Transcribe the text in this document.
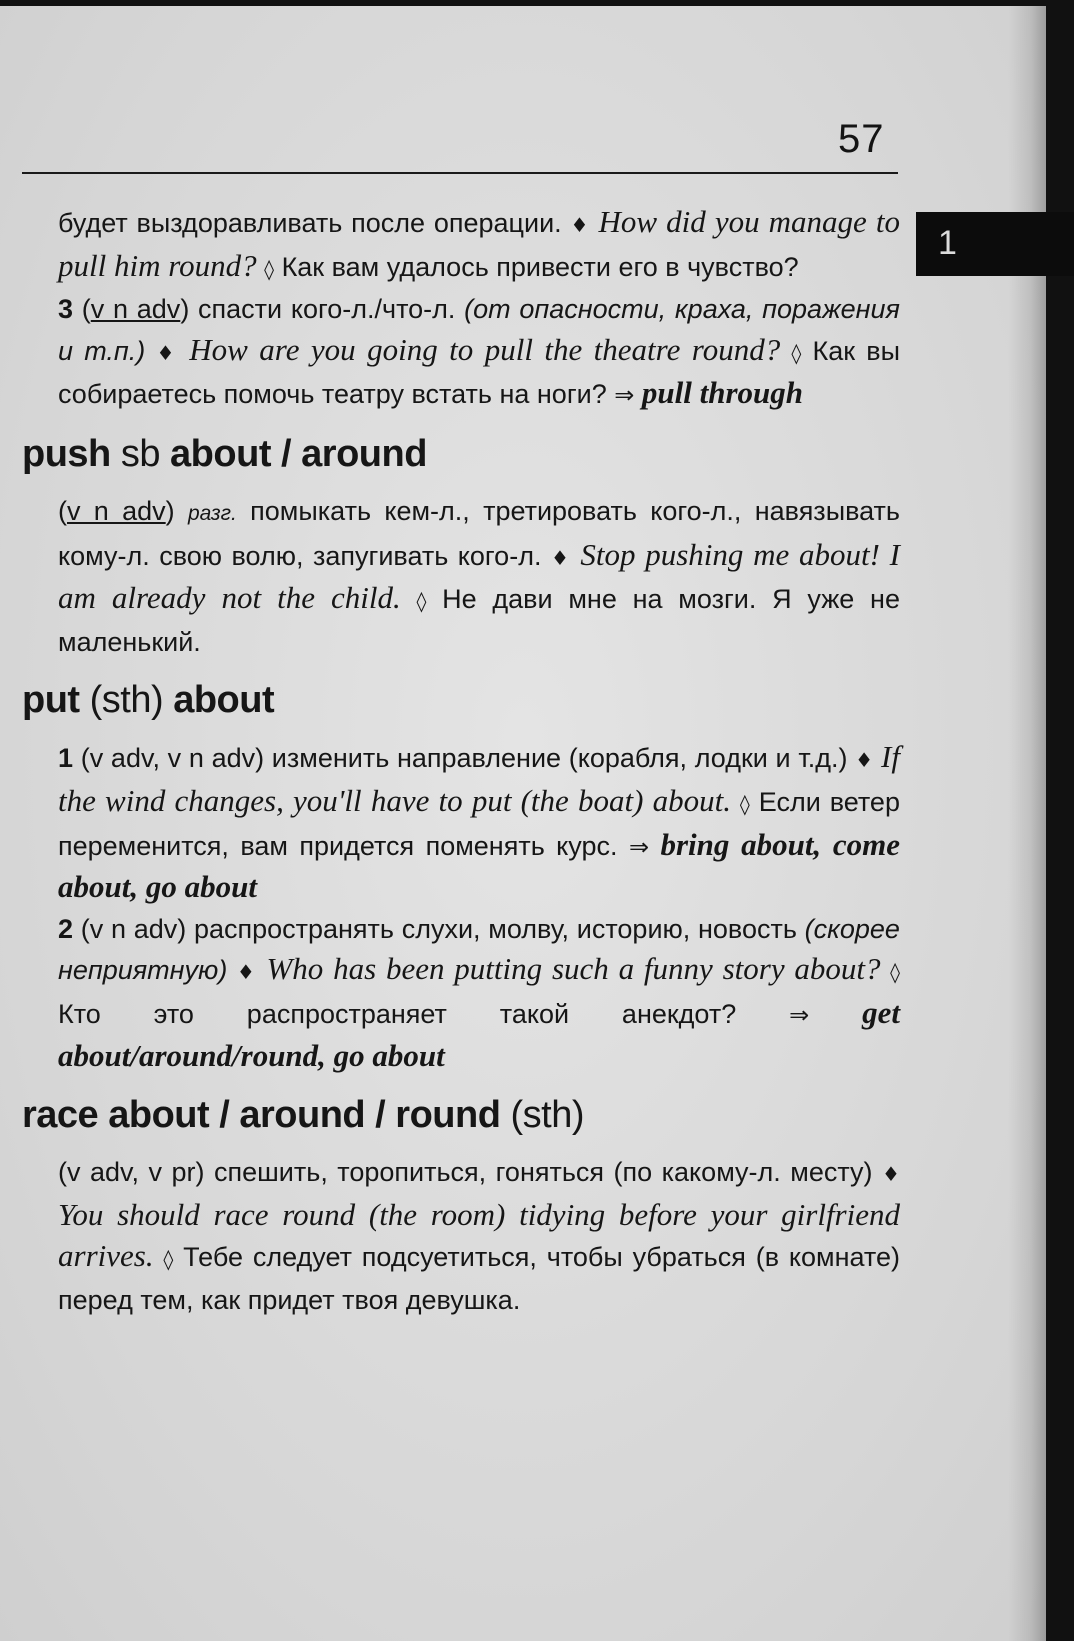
57
1

будет выздоравливать после операции. ♦ How did you manage to pull him round? ◊ Как вам удалось привести его в чувство?

3 (v n adv) спасти кого-л./что-л. (от опасности, краха, поражения и т.п.) ♦ How are you going to pull the theatre round? ◊ Как вы собираетесь помочь театру встать на ноги? ⇒ pull through

push sb about / around

(v n adv) разг. помыкать кем-л., третировать кого-л., навязывать кому-л. свою волю, запугивать кого-л. ♦ Stop pushing me about! I am already not the child. ◊ Не дави мне на мозги. Я уже не маленький.

put (sth) about

1 (v adv, v n adv) изменить направление (корабля, лодки и т.д.) ♦ If the wind changes, you'll have to put (the boat) about. ◊ Если ветер переменится, вам придется поменять курс. ⇒ bring about, come about, go about

2 (v n adv) распространять слухи, молву, историю, новость (скорее неприятную) ♦ Who has been putting such a funny story about? ◊ Кто это распространяет такой анекдот? ⇒ get about/around/round, go about

race about / around / round (sth)

(v adv, v pr) спешить, торопиться, гоняться (по какому-л. месту) ♦ You should race round (the room) tidying before your girlfriend arrives. ◊ Тебе следует подсуетиться, чтобы убраться (в комнате) перед тем, как придет твоя девушка.
